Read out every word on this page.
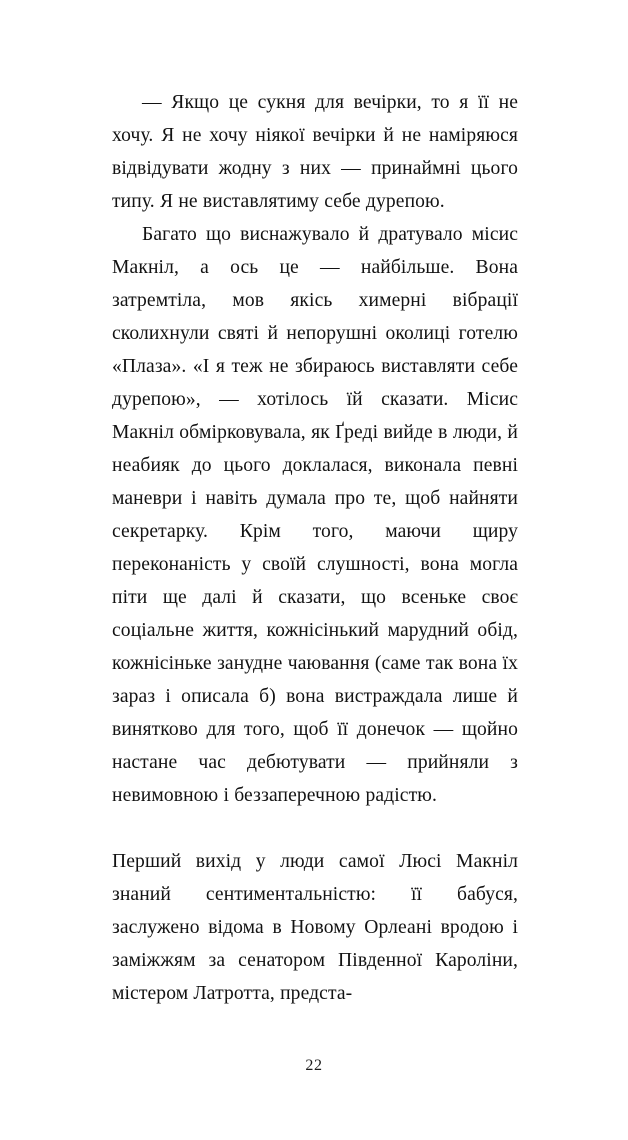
— Якщо це сукня для вечірки, то я її не хочу. Я не хочу ніякої вечірки й не наміряюся відвідувати жодну з них — принаймні цього типу. Я не виставлятиму себе дурепою.

Багато що виснажувало й дратувало місис Макніл, а ось це — найбільше. Вона затремтіла, мов якісь химерні вібрації сколихнули святі й непорушні околиці готелю «Плаза». «І я теж не збираюсь виставляти себе дурепою», — хотілось їй сказати. Місис Макніл обмірковувала, як Ґреді вийде в люди, й неабияк до цього доклалася, виконала певні маневри і навіть думала про те, щоб найняти секретарку. Крім того, маючи щиру переконаність у своїй слушності, вона могла піти ще далі й сказати, що всеньке своє соціальне життя, кожнісінький марудний обід, кожнісіньке занудне чаювання (саме так вона їх зараз і описала б) вона вистраждала лише й винятково для того, щоб її донечок — щойно настане час дебютувати — прийняли з невимовною і беззаперечною радістю.

Перший вихід у люди самої Люсі Макніл знаний сентиментальністю: її бабуся, заслужено відома в Новому Орлеані вродою і заміжжям за сенатором Південної Кароліни, містером Латротта, предста-

22
